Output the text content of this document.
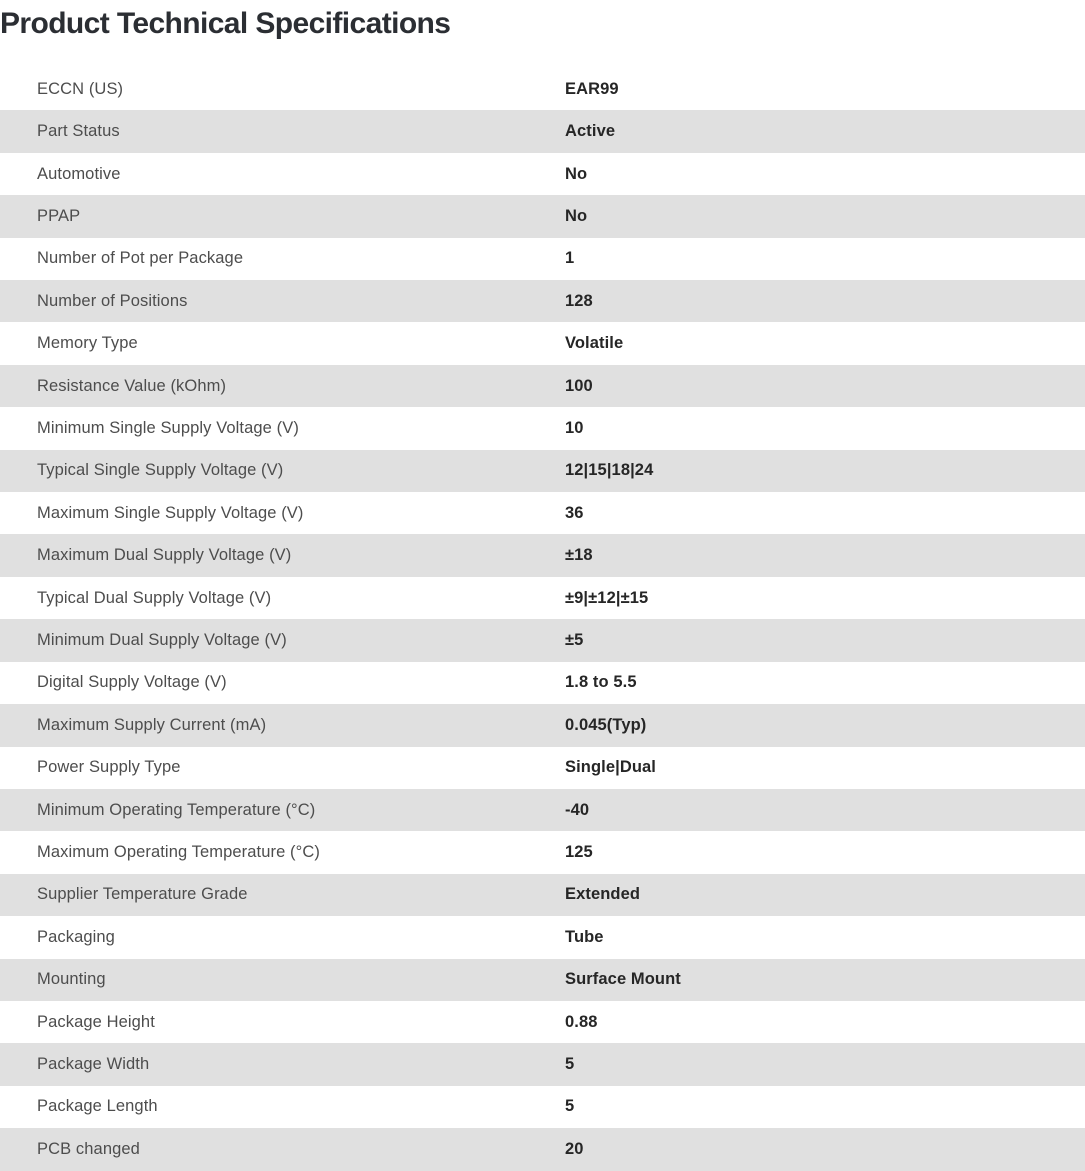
Product Technical Specifications
ECCN (US)	EAR99
Part Status	Active
Automotive	No
PPAP	No
Number of Pot per Package	1
Number of Positions	128
Memory Type	Volatile
Resistance Value (kOhm)	100
Minimum Single Supply Voltage (V)	10
Typical Single Supply Voltage (V)	12|15|18|24
Maximum Single Supply Voltage (V)	36
Maximum Dual Supply Voltage (V)	±18
Typical Dual Supply Voltage (V)	±9|±12|±15
Minimum Dual Supply Voltage (V)	±5
Digital Supply Voltage (V)	1.8 to 5.5
Maximum Supply Current (mA)	0.045(Typ)
Power Supply Type	Single|Dual
Minimum Operating Temperature (°C)	-40
Maximum Operating Temperature (°C)	125
Supplier Temperature Grade	Extended
Packaging	Tube
Mounting	Surface Mount
Package Height	0.88
Package Width	5
Package Length	5
PCB changed	20
